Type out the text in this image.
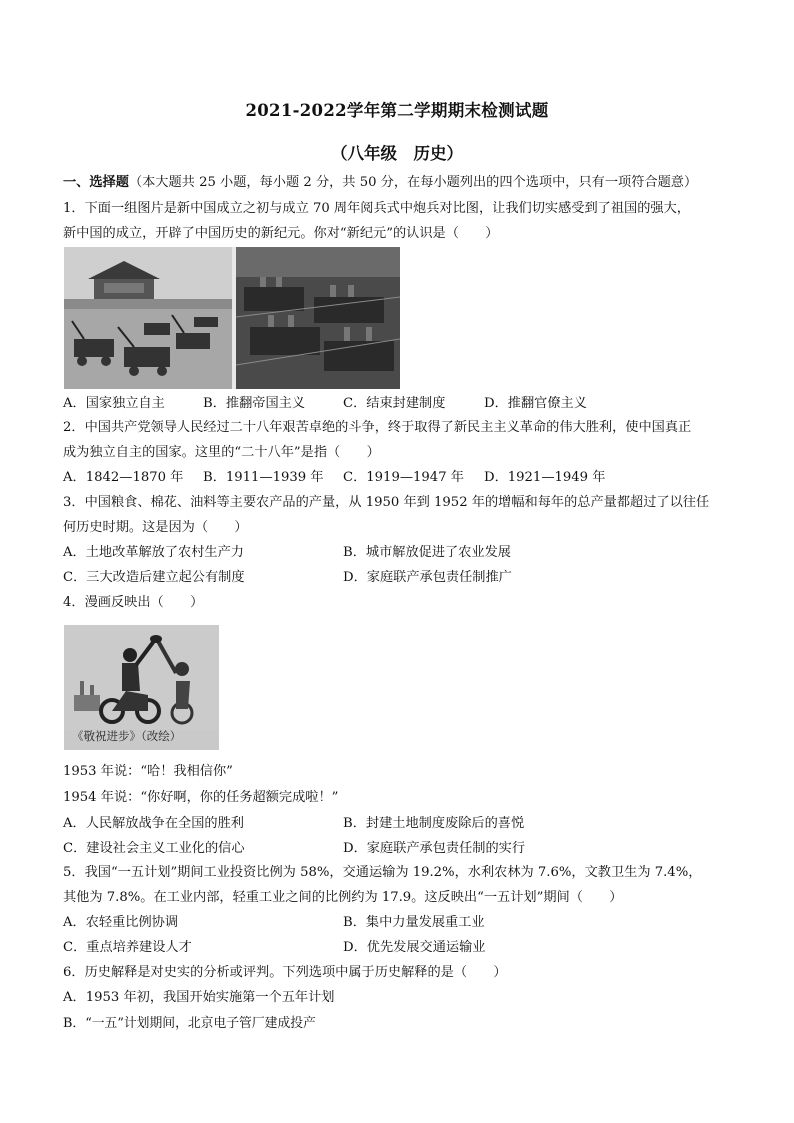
2021-2022学年第二学期期末检测试题
（八年级　历史）
一、选择题（本大题共 25 小题，每小题 2 分，共 50 分，在每小题列出的四个选项中，只有一项符合题意）
1．下面一组图片是新中国成立之初与成立 70 周年阅兵式中炮兵对比图，让我们切实感受到了祖国的强大，
新中国的成立，开辟了中国历史的新纪元。你对“新纪元”的认识是（　　）
A．国家独立自主	B．推翻帝国主义	C．结束封建制度	D．推翻官僚主义
2．中国共产党领导人民经过二十八年艰苦卓绝的斗争，终于取得了新民主主义革命的伟大胜利，使中国真正
成为独立自主的国家。这里的“二十八年”是指（　　）
A．1842—1870 年 B．1911—1939 年 C．1919—1947 年 D．1921—1949 年
3．中国粮食、棉花、油料等主要农产品的产量，从 1950 年到 1952 年的增幅和每年的总产量都超过了以往任
何历史时期。这是因为（　　）
A．土地改革解放了农村生产力	B．城市解放促进了农业发展
C．三大改造后建立起公有制度	D．家庭联产承包责任制推广
4．漫画反映出（　　）
《敬祝进步》（改绘）
1953 年说：“哈！我相信你”
1954 年说：“你好啊，你的任务超额完成啦！”
A．人民解放战争在全国的胜利	B．封建土地制度废除后的喜悦
C．建设社会主义工业化的信心	D．家庭联产承包责任制的实行
5．我国“一五计划”期间工业投资比例为 58%，交通运输为 19.2%，水利农林为 7.6%，文教卫生为 7.4%，
其他为 7.8%。在工业内部，轻重工业之间的比例约为 17.9。这反映出“一五计划”期间（　　）
A．农轻重比例协调	B．集中力量发展重工业
C．重点培养建设人才	D．优先发展交通运输业
6．历史解释是对史实的分析或评判。下列选项中属于历史解释的是（　　）
A．1953 年初，我国开始实施第一个五年计划
B．“一五”计划期间，北京电子管厂建成投产
